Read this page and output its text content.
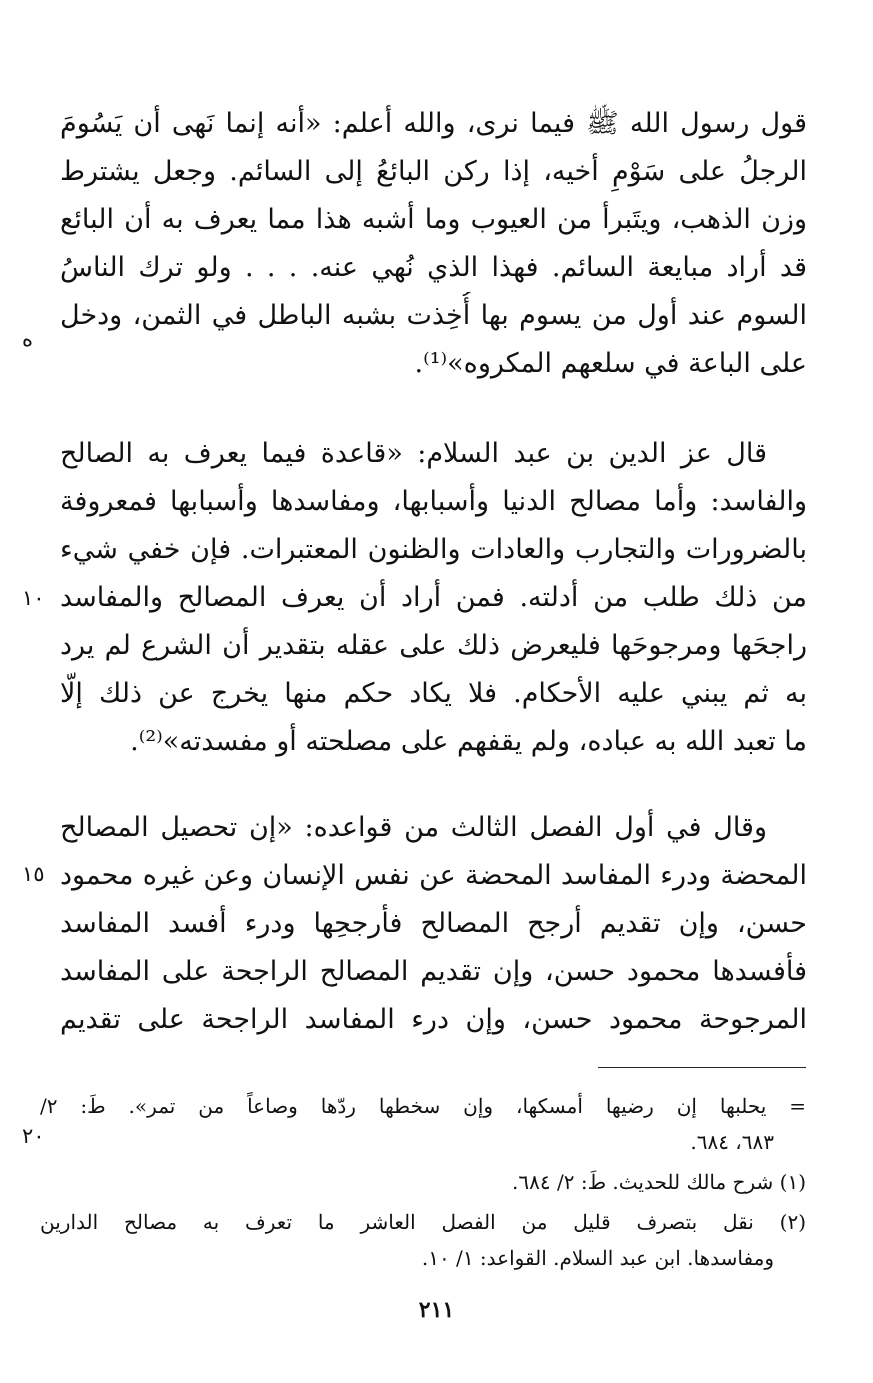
قول رسول الله ﷺ فيما نرى، والله أعلم: «أنه إنما نَهى أن يَسُومَ
الرجلُ على سَوْمِ أخيه، إذا ركن البائعُ إلى السائم. وجعل يشترط
وزن الذهب، ويتَبرأ من العيوب وما أشبه هذا مما يعرف به أن البائع
قد أراد مبايعة السائم. فهذا الذي نُهي عنه. . . . ولو ترك الناسُ
السوم عند أول من يسوم بها أُخِذت بشبه الباطل في الثمن، ودخل
على الباعة في سلعهم المكروه»⁽¹⁾.
قال عز الدين بن عبد السلام: «قاعدة فيما يعرف به الصالح
والفاسد: وأما مصالح الدنيا وأسبابها، ومفاسدها وأسبابها فمعروفة
بالضرورات والتجارب والعادات والظنون المعتبرات. فإن خفي شيء
من ذلك طلب من أدلته. فمن أراد أن يعرف المصالح والمفاسد
راجحَها ومرجوحَها فليعرض ذلك على عقله بتقدير أن الشرع لم يرد
به ثم يبني عليه الأحكام. فلا يكاد حكم منها يخرج عن ذلك إلّا
ما تعبد الله به عباده، ولم يقفهم على مصلحته أو مفسدته»⁽²⁾.
وقال في أول الفصل الثالث من قواعده: «إن تحصيل المصالح
المحضة ودرء المفاسد المحضة عن نفس الإنسان وعن غيره محمود
حسن، وإن تقديم أرجح المصالح فأرجحِها ودرء أفسد المفاسد
فأفسدها محمود حسن، وإن تقديم المصالح الراجحة على المفاسد
المرجوحة محمود حسن، وإن درء المفاسد الراجحة على تقديم
ه
١٠
١٥
٢٠
= يحلبها إن رضيها أمسكها، وإن سخطها ردّها وصاعاً من تمر». طَ: ٢/
٦٨٣، ٦٨٤.
(١) شرح مالك للحديث. طَ: ٢/ ٦٨٤.
(٢) نقل بتصرف قليل من الفصل العاشر ما تعرف به مصالح الدارين
ومفاسدها. ابن عبد السلام. القواعد: ١/ ١٠.
٢١١
